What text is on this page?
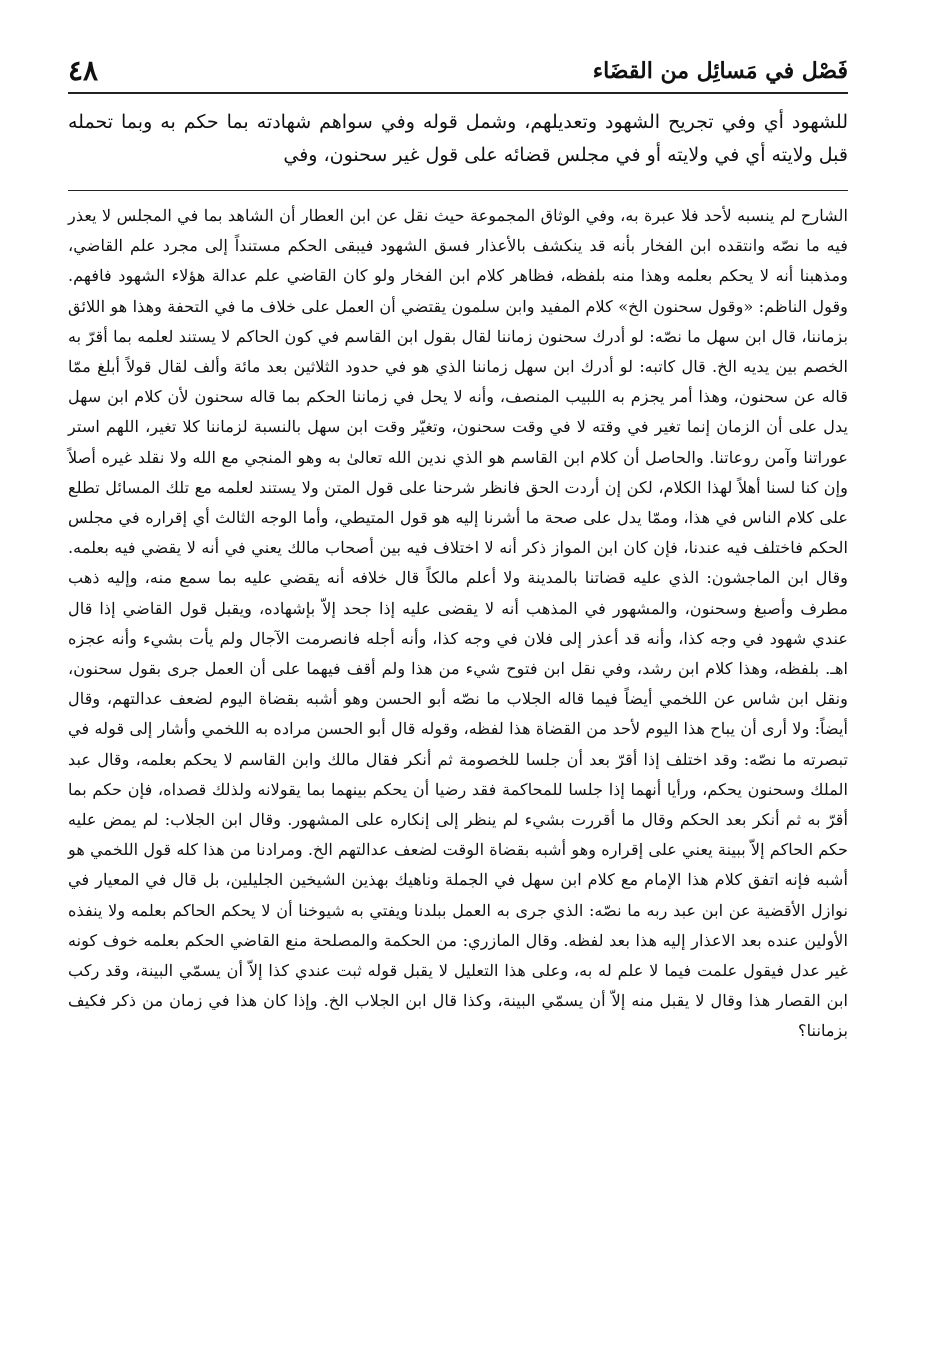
فَصْل في مَسائِل من القضَاء
٤٨

للشهود أي وفي تجريح الشهود وتعديلهم، وشمل قوله وفي سواهم شهادته بما حكم به وبما تحمله قبل ولايته أي في ولايته أو في مجلس قضائه على قول غير سحنون، وفي

الشارح لم ينسبه لأحد فلا عبرة به، وفي الوثاق المجموعة حيث نقل عن ابن العطار أن الشاهد بما في المجلس لا يعذر فيه ما نصّه وانتقده ابن الفخار بأنه قد ينكشف بالأعذار فسق الشهود فيبقى الحكم مستنداً إلى مجرد علم القاضي، ومذهبنا أنه لا يحكم بعلمه وهذا منه بلفظه، فظاهر كلام ابن الفخار ولو كان القاضي علم عدالة هؤلاء الشهود فافهم. وقول الناظم: «وقول سحنون الخ» كلام المفيد وابن سلمون يقتضي أن العمل على خلاف ما في التحفة وهذا هو اللائق بزماننا، قال ابن سهل ما نصّه: لو أدرك سحنون زماننا لقال بقول ابن القاسم في كون الحاكم لا يستند لعلمه بما أقرّ به الخصم بين يديه الخ. قال كاتبه: لو أدرك ابن سهل زماننا الذي هو في حدود الثلاثين بعد مائة وألف لقال قولاً أبلغ ممّا قاله عن سحنون، وهذا أمر يجزم به اللبيب المنصف، وأنه لا يحل في زماننا الحكم بما قاله سحنون لأن كلام ابن سهل يدل على أن الزمان إنما تغير في وقته لا في وقت سحنون، وتغيّر وقت ابن سهل بالنسبة لزماننا كلا تغير، اللهم استر عوراتنا وآمن روعاتنا. والحاصل أن كلام ابن القاسم هو الذي ندين الله تعالىٰ به وهو المنجي مع الله ولا نقلد غيره أصلاً وإن كنا لسنا أهلاً لهذا الكلام، لكن إن أردت الحق فانظر شرحنا على قول المتن ولا يستند لعلمه مع تلك المسائل تطلع على كلام الناس في هذا، وممّا يدل على صحة ما أشرنا إليه هو قول المتيطي، وأما الوجه الثالث أي إقراره في مجلس الحكم فاختلف فيه عندنا، فإن كان ابن المواز ذكر أنه لا اختلاف فيه بين أصحاب مالك يعني في أنه لا يقضي فيه بعلمه. وقال ابن الماجشون: الذي عليه قضاتنا بالمدينة ولا أعلم مالكاً قال خلافه أنه يقضي عليه بما سمع منه، وإليه ذهب مطرف وأصبغ وسحنون، والمشهور في المذهب أنه لا يقضى عليه إذا جحد إلاّ بإشهاده، ويقبل قول القاضي إذا قال عندي شهود في وجه كذا، وأنه قد أعذر إلى فلان في وجه كذا، وأنه أجله فانصرمت الآجال ولم يأت بشيء وأنه عجزه اهـ. بلفظه، وهذا كلام ابن رشد، وفي نقل ابن فتوح شيء من هذا ولم أقف فيهما على أن العمل جرى بقول سحنون، ونقل ابن شاس عن اللخمي أيضاً فيما قاله الجلاب ما نصّه أبو الحسن وهو أشبه بقضاة اليوم لضعف عدالتهم، وقال أيضاً: ولا أرى أن يباح هذا اليوم لأحد من القضاة هذا لفظه، وقوله قال أبو الحسن مراده به اللخمي وأشار إلى قوله في تبصرته ما نصّه: وقد اختلف إذا أقرّ بعد أن جلسا للخصومة ثم أنكر فقال مالك وابن القاسم لا يحكم بعلمه، وقال عبد الملك وسحنون يحكم، ورأيا أنهما إذا جلسا للمحاكمة فقد رضيا أن يحكم بينهما بما يقولانه ولذلك قصداه، فإن حكم بما أقرّ به ثم أنكر بعد الحكم وقال ما أقررت بشيء لم ينظر إلى إنكاره على المشهور. وقال ابن الجلاب: لم يمض عليه حكم الحاكم إلاّ ببينة يعني على إقراره وهو أشبه بقضاة الوقت لضعف عدالتهم الخ. ومرادنا من هذا كله قول اللخمي هو أشبه فإنه اتفق كلام هذا الإمام مع كلام ابن سهل في الجملة وناهيك بهذين الشيخين الجليلين، بل قال في المعيار في نوازل الأقضية عن ابن عبد ربه ما نصّه: الذي جرى به العمل ببلدنا ويفتي به شيوخنا أن لا يحكم الحاكم بعلمه ولا ينفذه الأولين عنده بعد الاعذار إليه هذا بعد لفظه. وقال المازري: من الحكمة والمصلحة منع القاضي الحكم بعلمه خوف كونه غير عدل فيقول علمت فيما لا علم له به، وعلى هذا التعليل لا يقبل قوله ثبت عندي كذا إلاّ أن يسمّي البينة، وقد ركب ابن القصار هذا وقال لا يقبل منه إلاّ أن يسمّي البينة، وكذا قال ابن الجلاب الخ. وإذا كان هذا في زمان من ذكر فكيف بزماننا؟
